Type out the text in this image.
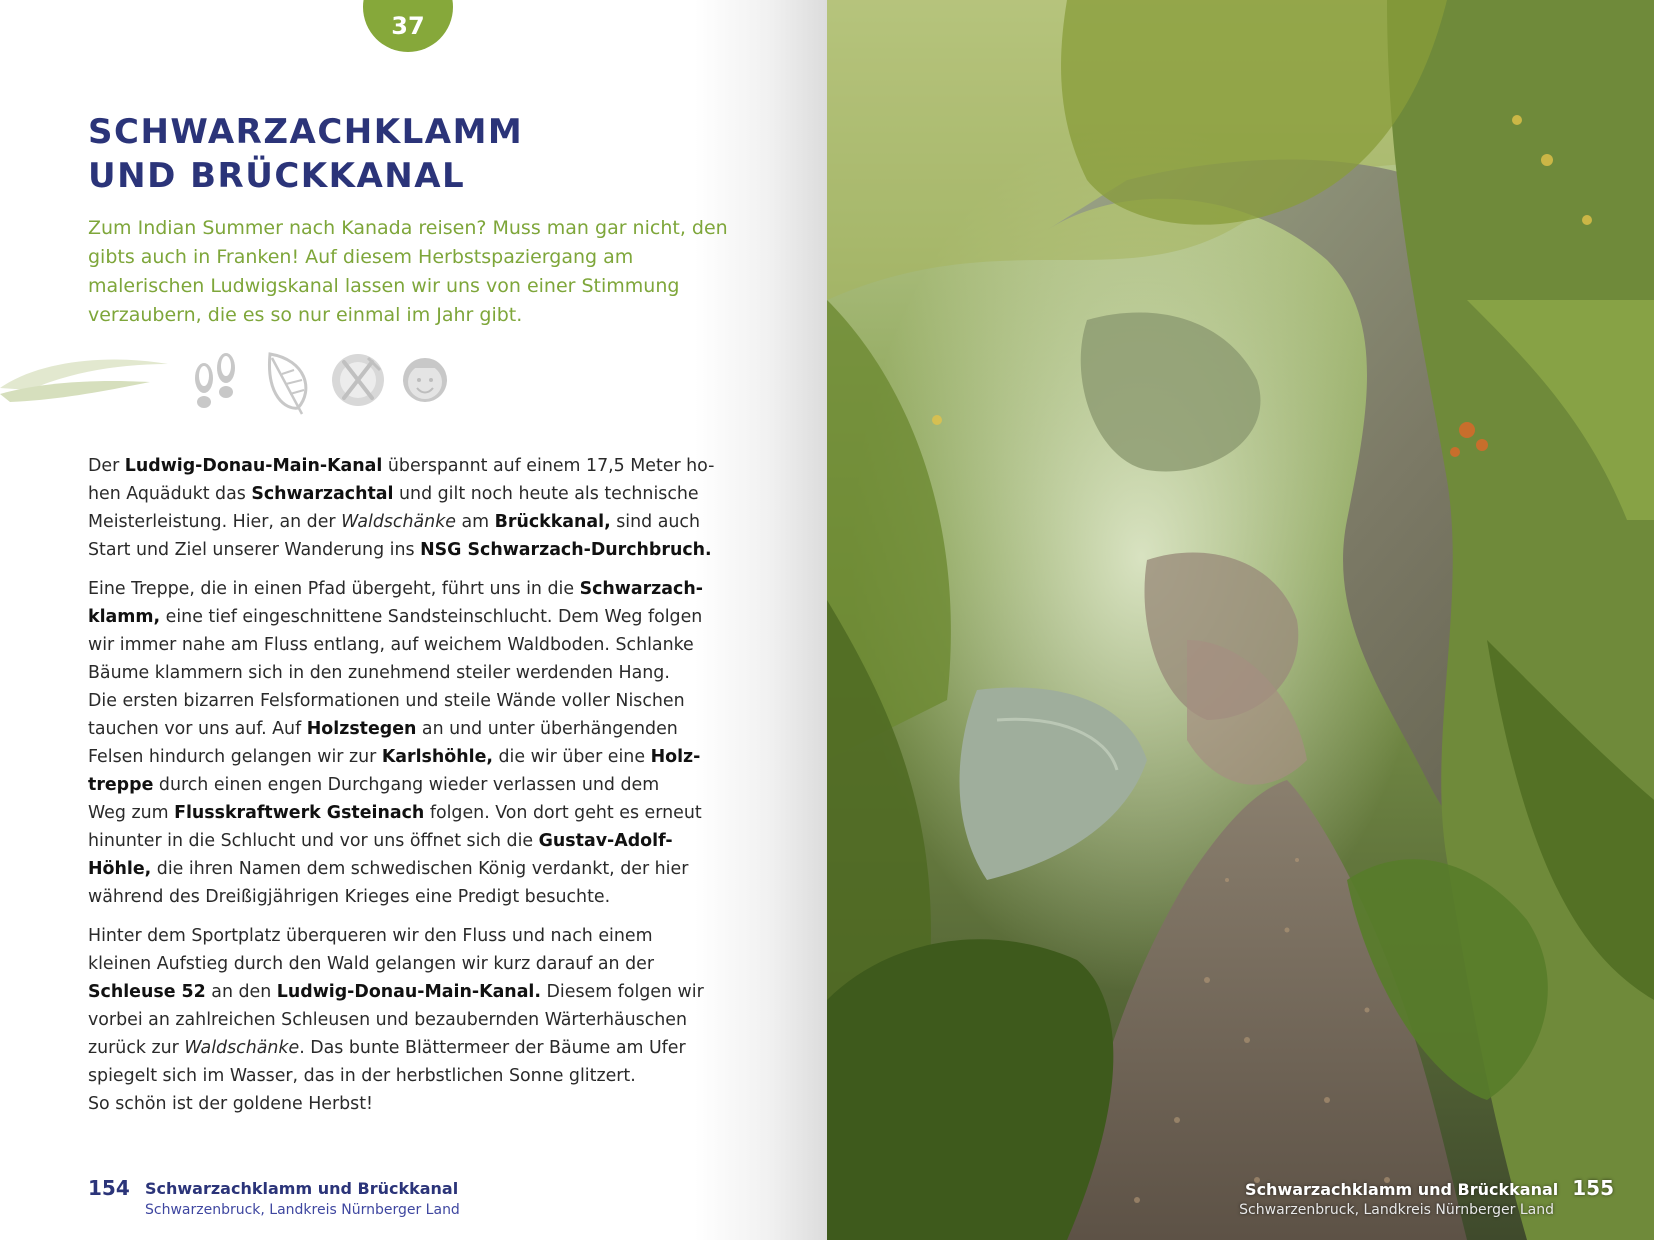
37
SCHWARZACHKLAMM
UND BRÜCKKANAL

Zum Indian Summer nach Kanada reisen? Muss man gar nicht, den gibts auch in Franken! Auf diesem Herbstspaziergang am malerischen Ludwigskanal lassen wir uns von einer Stimmung verzaubern, die es so nur einmal im Jahr gibt.

Der Ludwig-Donau-Main-Kanal überspannt auf einem 17,5 Meter ho-
hen Aquädukt das Schwarzachtal und gilt noch heute als technische
Meisterleistung. Hier, an der Waldschänke am Brückkanal, sind auch
Start und Ziel unserer Wanderung ins NSG Schwarzach-Durchbruch.

Eine Treppe, die in einen Pfad übergeht, führt uns in die Schwarzach-
klamm, eine tief eingeschnittene Sandsteinschlucht. Dem Weg folgen
wir immer nahe am Fluss entlang, auf weichem Waldboden. Schlanke
Bäume klammern sich in den zunehmend steiler werdenden Hang.
Die ersten bizarren Felsformationen und steile Wände voller Nischen
tauchen vor uns auf. Auf Holzstegen an und unter überhängenden
Felsen hindurch gelangen wir zur Karlshöhle, die wir über eine Holz-
treppe durch einen engen Durchgang wieder verlassen und dem
Weg zum Flusskraftwerk Gsteinach folgen. Von dort geht es erneut
hinunter in die Schlucht und vor uns öffnet sich die Gustav-Adolf-
Höhle, die ihren Namen dem schwedischen König verdankt, der hier
während des Dreißigjährigen Krieges eine Predigt besuchte.

Hinter dem Sportplatz überqueren wir den Fluss und nach einem
kleinen Aufstieg durch den Wald gelangen wir kurz darauf an der
Schleuse 52 an den Ludwig-Donau-Main-Kanal. Diesem folgen wir
vorbei an zahlreichen Schleusen und bezaubernden Wärterhäuschen
zurück zur Waldschänke. Das bunte Blättermeer der Bäume am Ufer
spiegelt sich im Wasser, das in der herbstlichen Sonne glitzert.
So schön ist der goldene Herbst!

154 Schwarzachklamm und Brückkanal
Schwarzenbruck, Landkreis Nürnberger Land
Schwarzachklamm und Brückkanal 155
Schwarzenbruck, Landkreis Nürnberger Land
